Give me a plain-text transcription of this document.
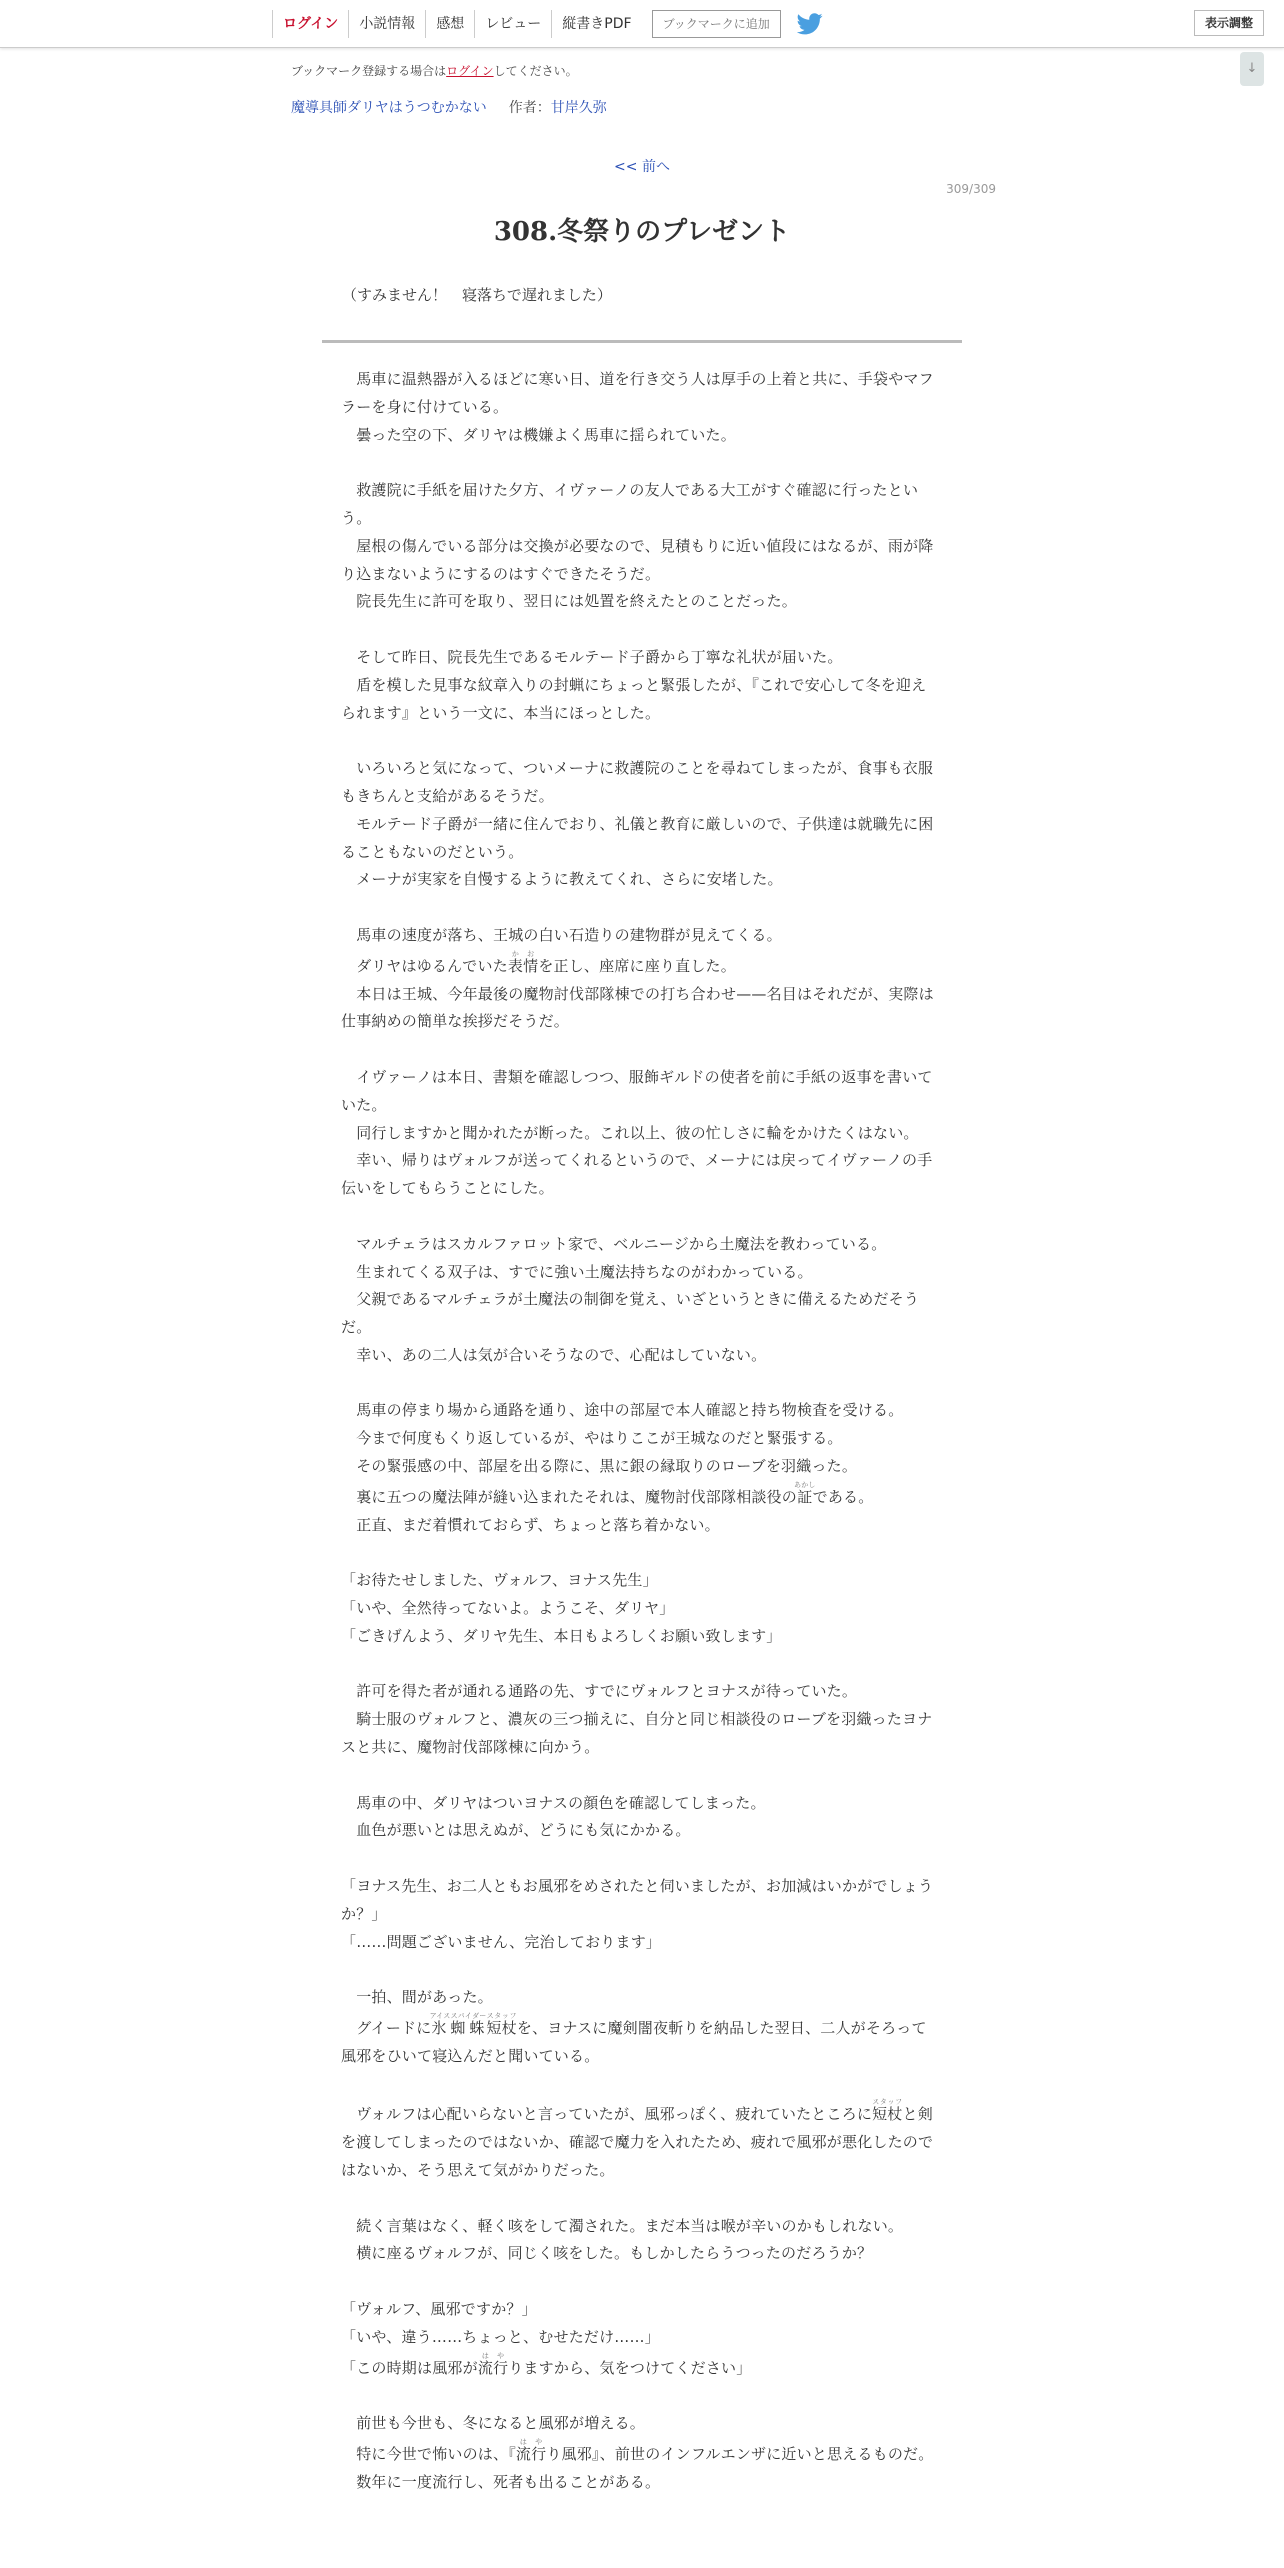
ログイン	小説情報	感想	レビュー	縦書きPDF	ブックマークに追加	表示調整
↓
ブックマーク登録する場合はログインしてください。
魔導具師ダリヤはうつむかない 作者：甘岸久弥
<< 前へ
309/309
308.冬祭りのプレゼント
（すみません！　寝落ちで遅れました）

　馬車に温熱器が入るほどに寒い日、道を行き交う人は厚手の上着と共に、手袋やマフラーを身に付けている。

　曇った空の下、ダリヤは機嫌よく馬車に揺られていた。

　救護院に手紙を届けた夕方、イヴァーノの友人である大工がすぐ確認に行ったという。

　屋根の傷んでいる部分は交換が必要なので、見積もりに近い値段にはなるが、雨が降り込まないようにするのはすぐできたそうだ。

　院長先生に許可を取り、翌日には処置を終えたとのことだった。

　そして昨日、院長先生であるモルテード子爵から丁寧な礼状が届いた。

　盾を模した見事な紋章入りの封蝋にちょっと緊張したが、『これで安心して冬を迎えられます』という一文に、本当にほっとした。

　いろいろと気になって、ついメーナに救護院のことを尋ねてしまったが、食事も衣服もきちんと支給があるそうだ。

　モルテード子爵が一緒に住んでおり、礼儀と教育に厳しいので、子供達は就職先に困ることもないのだという。

　メーナが実家を自慢するように教えてくれ、さらに安堵した。

　馬車の速度が落ち、王城の白い石造りの建物群が見えてくる。

　ダリヤはゆるんでいた表情かおを正し、座席に座り直した。

　本日は王城、今年最後の魔物討伐部隊棟での打ち合わせ——名目はそれだが、実際は仕事納めの簡単な挨拶だそうだ。

　イヴァーノは本日、書類を確認しつつ、服飾ギルドの使者を前に手紙の返事を書いていた。

　同行しますかと聞かれたが断った。これ以上、彼の忙しさに輪をかけたくはない。

　幸い、帰りはヴォルフが送ってくれるというので、メーナには戻ってイヴァーノの手伝いをしてもらうことにした。

　マルチェラはスカルファロット家で、ベルニージから土魔法を教わっている。

　生まれてくる双子は、すでに強い土魔法持ちなのがわかっている。

　父親であるマルチェラが土魔法の制御を覚え、いざというときに備えるためだそうだ。

　幸い、あの二人は気が合いそうなので、心配はしていない。

　馬車の停まり場から通路を通り、途中の部屋で本人確認と持ち物検査を受ける。

　今まで何度もくり返しているが、やはりここが王城なのだと緊張する。

　その緊張感の中、部屋を出る際に、黒に銀の縁取りのローブを羽織った。

　裏に五つの魔法陣が縫い込まれたそれは、魔物討伐部隊相談役の証あかしである。

　正直、まだ着慣れておらず、ちょっと落ち着かない。

「お待たせしました、ヴォルフ、ヨナス先生」

「いや、全然待ってないよ。ようこそ、ダリヤ」

「ごきげんよう、ダリヤ先生、本日もよろしくお願い致します」

　許可を得た者が通れる通路の先、すでにヴォルフとヨナスが待っていた。

　騎士服のヴォルフと、濃灰の三つ揃えに、自分と同じ相談役のローブを羽織ったヨナスと共に、魔物討伐部隊棟に向かう。

　馬車の中、ダリヤはついヨナスの顔色を確認してしまった。

　血色が悪いとは思えぬが、どうにも気にかかる。

「ヨナス先生、お二人ともお風邪をめされたと伺いましたが、お加減はいかがでしょうか？」

「……問題ございません、完治しております」

　一拍、間があった。

　グイードに氷蜘蛛アイススパイダー短杖スタッフを、ヨナスに魔剣闇夜斬りを納品した翌日、二人がそろって風邪をひいて寝込んだと聞いている。

　ヴォルフは心配いらないと言っていたが、風邪っぽく、疲れていたところに短杖スタッフと剣を渡してしまったのではないか、確認で魔力を入れたため、疲れで風邪が悪化したのではないか、そう思えて気がかりだった。

　続く言葉はなく、軽く咳をして濁された。まだ本当は喉が辛いのかもしれない。

　横に座るヴォルフが、同じく咳をした。もしかしたらうつったのだろうか？

「ヴォルフ、風邪ですか？」

「いや、違う……ちょっと、むせただけ……」

「この時期は風邪が流行はやりますから、気をつけてください」

　前世も今世も、冬になると風邪が増える。

　特に今世で怖いのは、『流行はやり風邪』、前世のインフルエンザに近いと思えるものだ。

　数年に一度流行し、死者も出ることがある。
